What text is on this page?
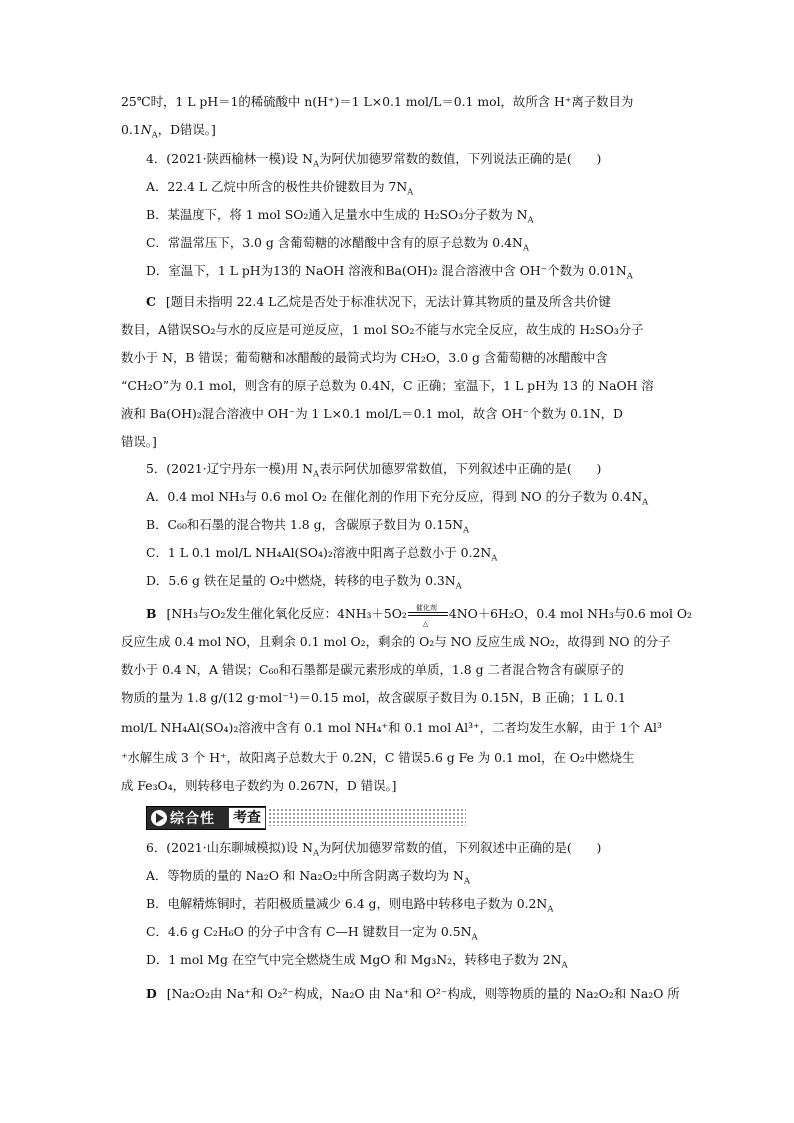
25℃时，1 L pH＝1的稀硫酸中 n(H⁺)＝1 L×0.1 mol/L＝0.1 mol，故所含 H⁺离子数目为
$0.1N_A$，D错误。]
4．(2021·陕西榆林一模)设 $N_A$为阿伏加德罗常数的数值，下列说法正确的是(　　)
A．22.4 L 乙烷中所含的极性共价键数目为 $7N_A$
B．某温度下，将 1 mol SO₂通入足量水中生成的 H₂SO₃分子数为 $N_A$
C．常温常压下，3.0 g 含葡萄糖的冰醋酸中含有的原子总数为 $0.4N_A$
D．室温下，1 L pH为13的 NaOH 溶液和Ba(OH)₂ 混合溶液中含 OH⁻个数为 $0.01N_A$
C [题目未指明 22.4 L乙烷是否处于标准状况下，无法计算其物质的量及所含共价键
数目，A错误SO₂与水的反应是可逆反应，1 mol SO₂不能与水完全反应，故生成的 H₂SO₃分子
数小于 N，B 错误；葡萄糖和冰醋酸的最简式均为 CH₂O，3.0 g 含葡萄糖的冰醋酸中含
“CH₂O”为 0.1 mol，则含有的原子总数为 0.4N，C 正确；室温下，1 L pH为 13 的 NaOH 溶
液和 Ba(OH)₂混合溶液中 OH⁻为 1 L×0.1 mol/L＝0.1 mol，故含 OH⁻个数为 0.1N，D
错误。]
5．(2021·辽宁丹东一模)用 $N_A$表示阿伏加德罗常数值，下列叙述中正确的是(　　)
A．0.4 mol NH₃与 0.6 mol O₂ 在催化剂的作用下充分反应，得到 NO 的分子数为 $0.4N_A$
B．C₆₀和石墨的混合物共 1.8 g，含碳原子数目为 $0.15N_A$
C．1 L 0.1 mol/L NH₄Al(SO₄)₂溶液中阳离子总数小于 $0.2N_A$
D．5.6 g 铁在足量的 O₂中燃烧，转移的电子数为 $0.3N_A$
B [NH₃与O₂发生催化氧化反应：4NH₃＋5O₂ 催化剂
△
4NO＋6H₂O，0.4 mol NH₃与0.6 mol O₂
反应生成 0.4 mol NO，且剩余 0.1 mol O₂，剩余的 O₂与 NO 反应生成 NO₂，故得到 NO 的分子
数小于 0.4 N，A 错误；C₆₀和石墨都是碳元素形成的单质，1.8 g 二者混合物含有碳原子的
物质的量为 1.8 g/(12 g·mol⁻¹)＝0.15 mol，故含碳原子数目为 0.15N，B 正确；1 L 0.1
mol/L NH₄Al(SO₄)₂溶液中含有 0.1 mol NH₄⁺和 0.1 mol Al³⁺，二者均发生水解，由于 1个 Al³
⁺水解生成 3 个 H⁺，故阳离子总数大于 0.2N，C 错误5.6 g Fe 为 0.1 mol，在 O₂中燃烧生
成 Fe₃O₄，则转移电子数约为 0.267N，D 错误。]
综合性	考查
6．(2021·山东聊城模拟)设 $N_A$为阿伏加德罗常数的值，下列叙述中正确的是(　　)
A．等物质的量的 Na₂O 和 Na₂O₂中所含阴离子数均为 $N_A$
B．电解精炼铜时，若阳极质量减少 6.4 g，则电路中转移电子数为 $0.2N_A$
C．4.6 g C₂H₆O 的分子中含有 C—H 键数目一定为 $0.5N_A$
D．1 mol Mg 在空气中完全燃烧生成 MgO 和 Mg₃N₂，转移电子数为 $2N_A$
D [Na₂O₂由 Na⁺和 O₂²⁻构成，Na₂O 由 Na⁺和 O²⁻构成，则等物质的量的 Na₂O₂和 Na₂O 所
